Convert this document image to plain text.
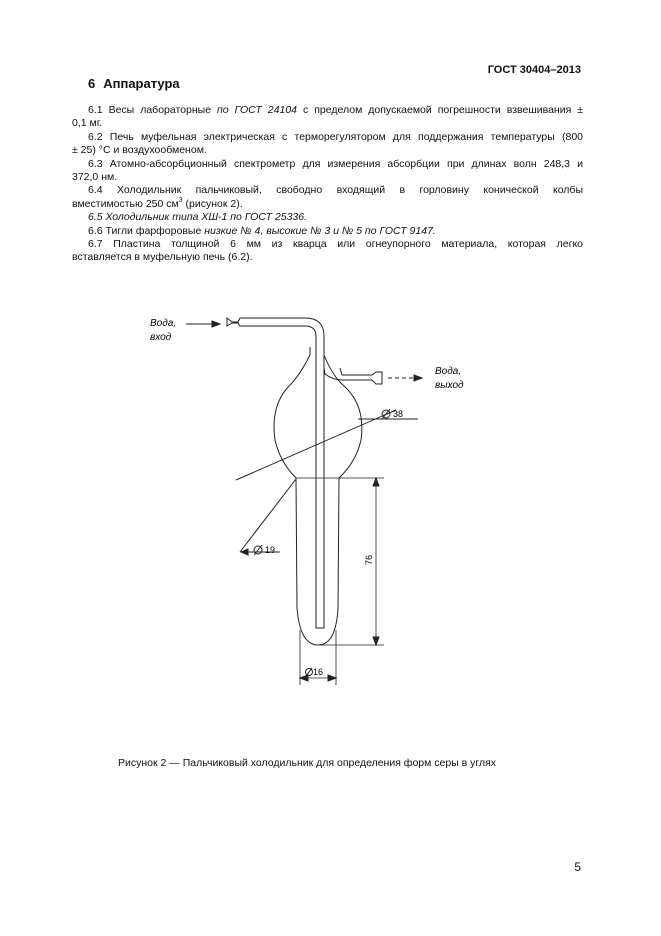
ГОСТ 30404–2013
6 Аппаратура

6.1 Весы лабораторные по ГОСТ 24104 с пределом допускаемой погрешности взвешивания ±

0,1 мг.

6.2 Печь муфельная электрическая с терморегулятором для поддержания температуры (800

± 25) °С и воздухообменом.

6.3 Атомно-абсорбционный спектрометр для измерения абсорбции при длинах волн 248,3 и

372,0 нм.

6.4 Холодильник пальчиковый, свободно входящий в горловину конической колбы

вместимостью 250 $см^3$ (рисунок 2).

6.5 Холодильник типа ХШ-1 по ГОСТ 25336.

6.6 Тигли фарфоровые низкие № 4, высокие № 3 и № 5 по ГОСТ 9147.

6.7 Пластина толщиной 6 мм из кварца или огнеупорного материала, которая легко

вставляется в муфельную печь (6.2).

Вода,
вход
Вода,
выход
38
19
76
16
Рисунок 2 — Пальчиковый холодильник для определения форм серы в углях
5
